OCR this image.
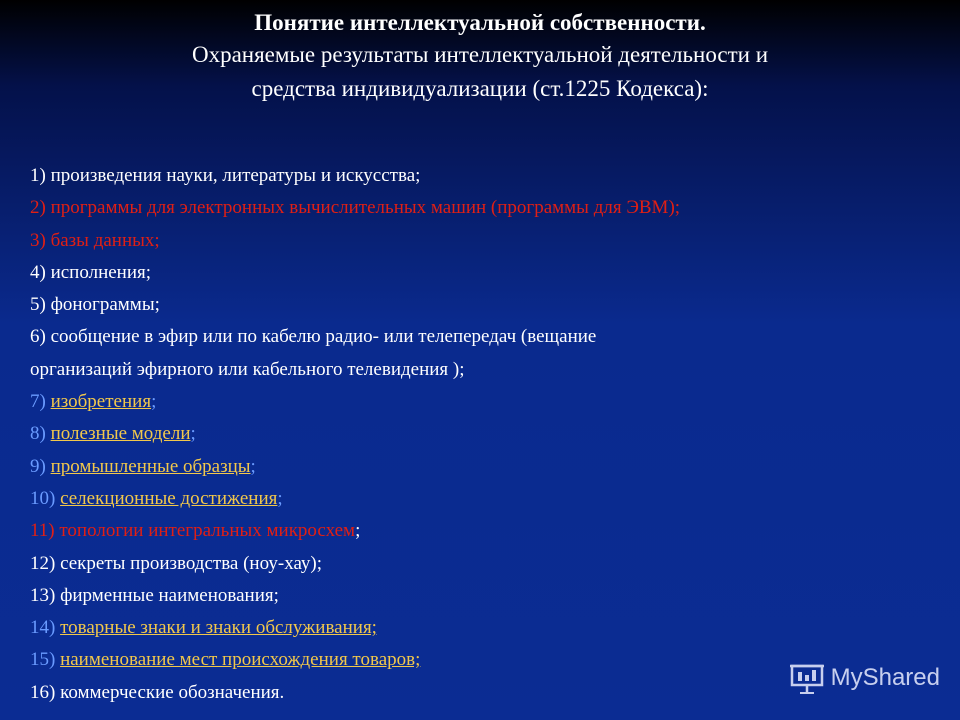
Понятие интеллектуальной собственности.

Охраняемые результаты интеллектуальной деятельности и

средства индивидуализации (ст.1225 Кодекса):

1) произведения науки, литературы и искусства;
2) программы для электронных вычислительных машин (программы для ЭВМ);
3) базы данных;
4) исполнения;
5) фонограммы;
6) сообщение в эфир или по кабелю радио- или телепередач (вещание
организаций эфирного или кабельного телевидения );
7) изобретения;
8) полезные модели;
9) промышленные образцы;
10) селекционные достижения;
11) топологии интегральных микросхем;
12) секреты производства (ноу-хау);
13) фирменные наименования;
14) товарные знаки и знаки обслуживания;
15) наименование мест происхождения товаров;
16) коммерческие обозначения.
MyShared
